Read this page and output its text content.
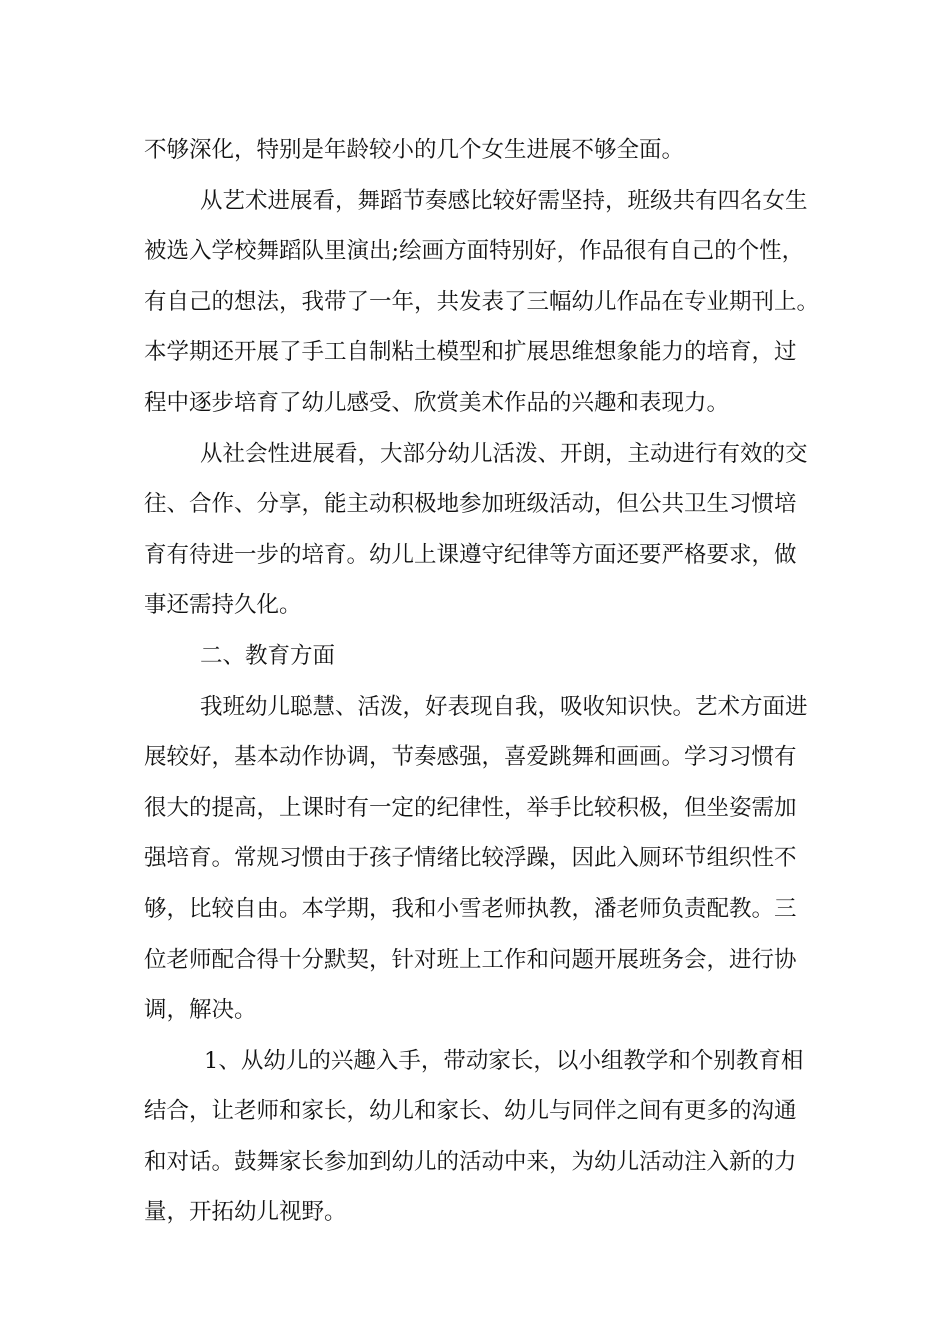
不够深化，特别是年龄较小的几个女生进展不够全面。
从艺术进展看，舞蹈节奏感比较好需坚持，班级共有四名女生
被选入学校舞蹈队里演出;绘画方面特别好，作品很有自己的个性，
有自己的想法，我带了一年，共发表了三幅幼儿作品在专业期刊上。
本学期还开展了手工自制粘土模型和扩展思维想象能力的培育，过
程中逐步培育了幼儿感受、欣赏美术作品的兴趣和表现力。
从社会性进展看，大部分幼儿活泼、开朗，主动进行有效的交
往、合作、分享，能主动积极地参加班级活动，但公共卫生习惯培
育有待进一步的培育。幼儿上课遵守纪律等方面还要严格要求，做
事还需持久化。
二、教育方面
我班幼儿聪慧、活泼，好表现自我，吸收知识快。艺术方面进
展较好，基本动作协调，节奏感强，喜爱跳舞和画画。学习习惯有
很大的提高，上课时有一定的纪律性，举手比较积极，但坐姿需加
强培育。常规习惯由于孩子情绪比较浮躁，因此入厕环节组织性不
够，比较自由。本学期，我和小雪老师执教，潘老师负责配教。三
位老师配合得十分默契，针对班上工作和问题开展班务会，进行协
调，解决。
1、从幼儿的兴趣入手，带动家长，以小组教学和个别教育相
结合，让老师和家长，幼儿和家长、幼儿与同伴之间有更多的沟通
和对话。鼓舞家长参加到幼儿的活动中来，为幼儿活动注入新的力
量，开拓幼儿视野。
